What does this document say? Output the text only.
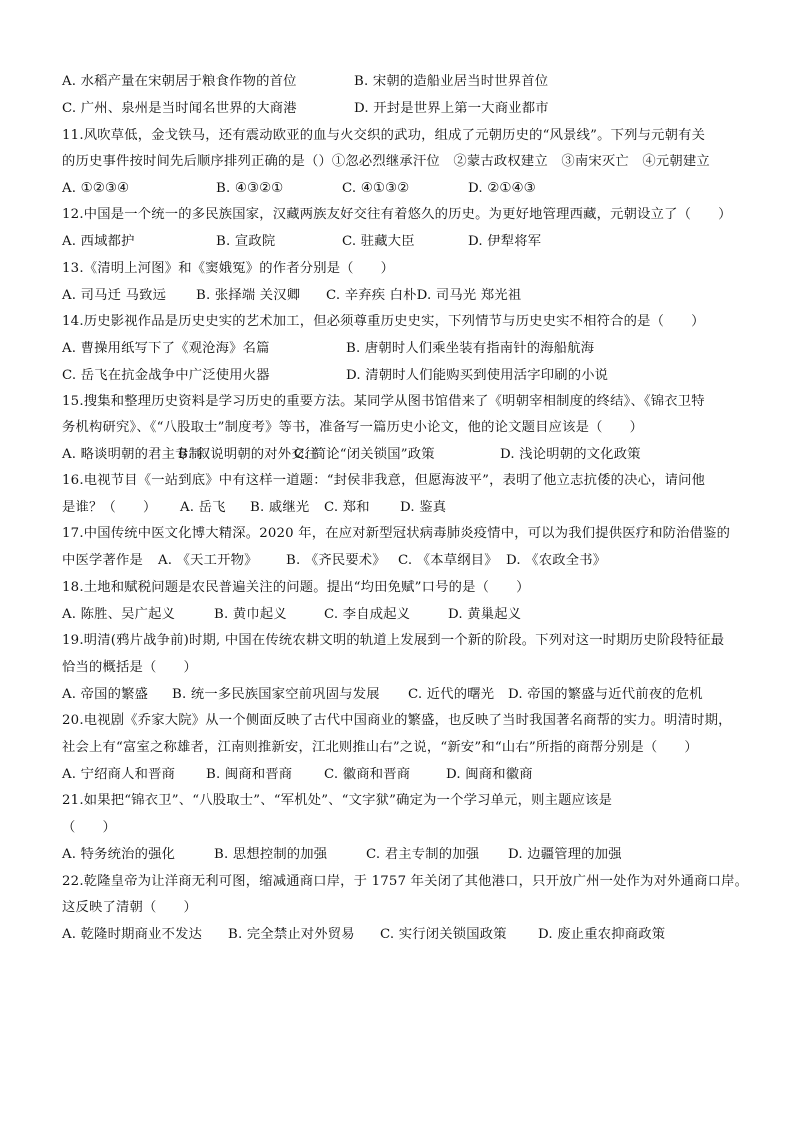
A. 水稻产量在宋朝居于粮食作物的首位	B. 宋朝的造船业居当时世界首位
C. 广州、泉州是当时闻名世界的大商港	D. 开封是世界上第一大商业都市
11.风吹草低，金戈铁马，还有震动欧亚的血与火交织的武功，组成了元朝历史的“风景线”。下列与元朝有关
的历史事件按时间先后顺序排列正确的是（）①忽必烈继承汗位　②蒙古政权建立　③南宋灭亡　④元朝建立
A. ①②③④	B. ④③②①	C. ④①③②	D. ②①④③
12.中国是一个统一的多民族国家，汉藏两族友好交往有着悠久的历史。为更好地管理西藏，元朝设立了（　　）
A. 西域都护	B. 宣政院	C. 驻藏大臣	D. 伊犁将军
13.《清明上河图》和《窦娥冤》的作者分别是（　　）
A. 司马迁 马致远 B. 张择端 关汉卿 C. 辛弃疾 白朴D. 司马光 郑光祖
14.历史影视作品是历史史实的艺术加工，但必须尊重历史史实，下列情节与历史史实不相符合的是（　　）
A. 曹操用纸写下了《观沧海》名篇	B. 唐朝时人们乘坐装有指南针的海船航海
C. 岳飞在抗金战争中广泛使用火器	D. 清朝时人们能购买到使用活字印刷的小说
15.搜集和整理历史资料是学习历史的重要方法。某同学从图书馆借来了《明朝宰相制度的终结》、《锦衣卫特
务机构研究》、《“八股取士”制度考》等书，准备写一篇历史小论文，他的论文题目应该是（　　）
A. 略谈明朝的君主专制
B. 叙说明朝的对外交往
C. 简论“闭关锁国”政策	D. 浅论明朝的文化政策
16.电视节目《一站到底》中有这样一道题：“封侯非我意，但愿海波平”，表明了他立志抗倭的决心，请问他
是谁？（　　） A. 岳飞 B. 戚继光 C. 郑和 D. 鉴真
17.中国传统中医文化博大精深。2020 年，在应对新型冠状病毒肺炎疫情中，可以为我们提供医疗和防治借鉴的
中医学著作是 A. 《天工开物》 B. 《齐民要术》 C. 《本草纲目》 D. 《农政全书》
18.土地和赋税问题是农民普遍关注的问题。提出“均田免赋”口号的是（　　）
A. 陈胜、吴广起义	B. 黄巾起义	C. 李自成起义	D. 黄巢起义
19.明清(鸦片战争前)时期, 中国在传统农耕文明的轨道上发展到一个新的阶段。下列对这一时期历史阶段特征最
恰当的概括是（　　）
A. 帝国的繁盛 B. 统一多民族国家空前巩固与发展 C. 近代的曙光 D. 帝国的繁盛与近代前夜的危机
20.电视剧《乔家大院》从一个侧面反映了古代中国商业的繁盛，也反映了当时我国著名商帮的实力。明清时期，
社会上有“富室之称雄者，江南则推新安，江北则推山右”之说，“新安”和“山右”所指的商帮分别是（　　）
A. 宁绍商人和晋商 B. 闽商和晋商 C. 徽商和晋商	D. 闽商和徽商
21.如果把“锦衣卫”、“八股取士”、“军机处”、“文字狱”确定为一个学习单元，则主题应该是
（　　）
A. 特务统治的强化	B. 思想控制的加强	C. 君主专制的加强 D. 边疆管理的加强
22.乾隆皇帝为让洋商无利可图，缩减通商口岸，于 1757 年关闭了其他港口，只开放广州一处作为对外通商口岸。
这反映了清朝（　　）
A. 乾隆时期商业不发达 B. 完全禁止对外贸易 C. 实行闭关锁国政策 D. 废止重农抑商政策
